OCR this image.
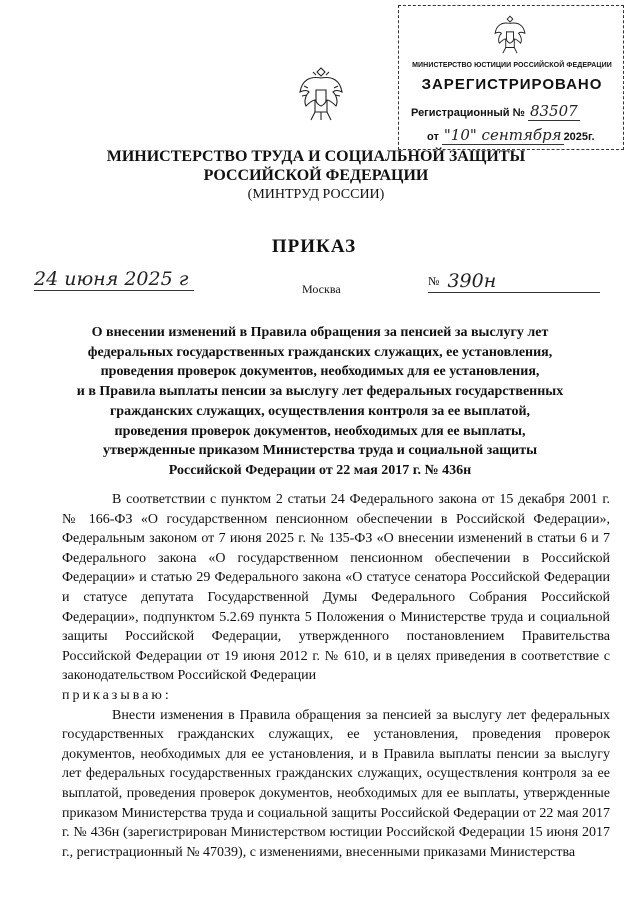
МИНИСТЕРСТВО ЮСТИЦИИ РОССИЙСКОЙ ФЕДЕРАЦИИ
ЗАРЕГИСТРИРОВАНО
Регистрационный № 83507
от "10" сентября 2025г.
МИНИСТЕРСТВО ТРУДА И СОЦИАЛЬНОЙ ЗАЩИТЫ
РОССИЙСКОЙ ФЕДЕРАЦИИ
(МИНТРУД РОССИИ)
ПРИКАЗ
24 июня 2025 г	Москва
№ 390н
О внесении изменений в Правила обращения за пенсией за выслугу лет
федеральных государственных гражданских служащих, ее установления,
проведения проверок документов, необходимых для ее установления,
и в Правила выплаты пенсии за выслугу лет федеральных государственных
гражданских служащих, осуществления контроля за ее выплатой,
проведения проверок документов, необходимых для ее выплаты,
утвержденные приказом Министерства труда и социальной защиты
Российской Федерации от 22 мая 2017 г. № 436н

В соответствии с пунктом 2 статьи 24 Федерального закона от 15 декабря 2001 г. № 166-ФЗ «О государственном пенсионном обеспечении в Российской Федерации», Федеральным законом от 7 июня 2025 г. № 135-ФЗ «О внесении изменений в статьи 6 и 7 Федерального закона «О государственном пенсионном обеспечении в Российской Федерации» и статью 29 Федерального закона «О статусе сенатора Российской Федерации и статусе депутата Государственной Думы Федерального Собрания Российской Федерации», подпунктом 5.2.69 пункта 5 Положения о Министерстве труда и социальной защиты Российской Федерации, утвержденного постановлением Правительства Российской Федерации от 19 июня 2012 г. № 610, и в целях приведения в соответствие с законодательством Российской Федерации

приказываю:

Внести изменения в Правила обращения за пенсией за выслугу лет федеральных государственных гражданских служащих, ее установления, проведения проверок документов, необходимых для ее установления, и в Правила выплаты пенсии за выслугу лет федеральных государственных гражданских служащих, осуществления контроля за ее выплатой, проведения проверок документов, необходимых для ее выплаты, утвержденные приказом Министерства труда и социальной защиты Российской Федерации от 22 мая 2017 г. № 436н (зарегистрирован Министерством юстиции Российской Федерации 15 июня 2017 г., регистрационный № 47039), с изменениями, внесенными приказами Министерства
